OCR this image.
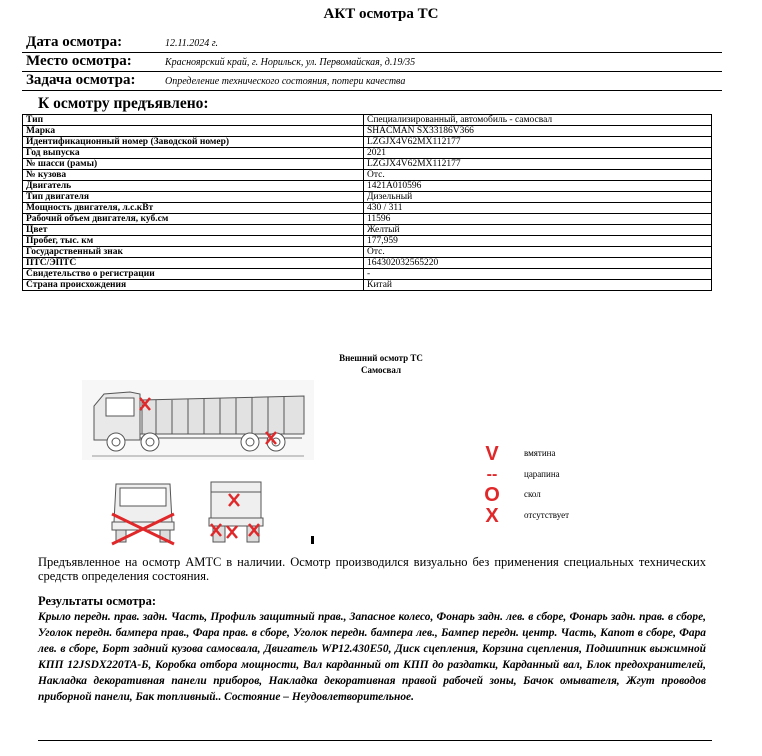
АКТ осмотра ТС
Дата осмотра:	12.11.2024 г.
Место осмотра:	Красноярский край, г. Норильск, ул. Первомайская, д.19/35
Задача осмотра:	Определение технического состояния, потери качества
К осмотру предъявлено:
Тип	Специализированный, автомобиль - самосвал
Марка	SHACMAN SX33186V366
Идентификационный номер (Заводской номер)	LZGJX4V62MX112177
Год выпуска	2021
№ шасси (рамы)	LZGJX4V62MX112177
№ кузова	Отс.
Двигатель	1421A010596
Тип двигателя	Дизельный
Мощность двигателя, л.с.кВт	430 / 311
Рабочий объем двигателя, куб.см	11596
Цвет	Желтый
Пробег, тыс. км	177,959
Государственный знак	Отс.
ПТС/ЭПТС	164302032565220
Свидетельство о регистрации	-
Страна происхождения	Китай
Внешний осмотр ТС
Самосвал
V	вмятина
--	царапина
O	скол
X	отсутствует
Предъявленное на осмотр АМТС в наличии. Осмотр производился визуально без применения специальных технических средств определения состояния.
Результаты осмотра:
Крыло передн. прав. задн. Часть, Профиль защитный прав., Запасное колесо, Фонарь задн. лев. в сборе, Фонарь задн. прав. в сборе, Уголок передн. бампера прав., Фара прав. в сборе, Уголок передн. бампера лев., Бампер передн. центр. Часть, Капот в сборе, Фара лев. в сборе, Борт задний кузова самосвала, Двигатель WP12.430E50, Диск сцепления, Корзина сцепления, Подшипник выжимной КПП 12JSDX220ТА-Б, Коробка отбора мощности, Вал карданный от КПП до раздатки, Карданный вал, Блок предохранителей, Накладка декоративная панели приборов, Накладка декоративная правой рабочей зоны, Бачок омывателя, Жгут проводов приборной панели, Бак топливный.. Состояние – Неудовлетворительное.
